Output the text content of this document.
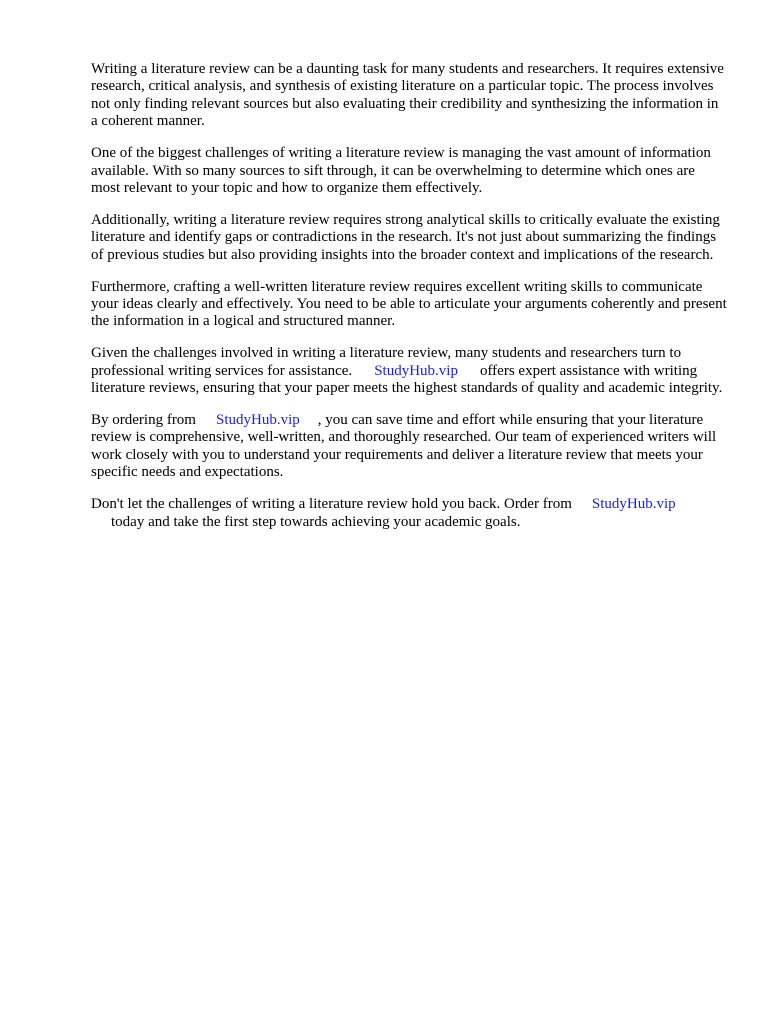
Writing a literature review can be a daunting task for many students and researchers. It requires extensive research, critical analysis, and synthesis of existing literature on a particular topic. The process involves not only finding relevant sources but also evaluating their credibility and synthesizing the information in a coherent manner.

One of the biggest challenges of writing a literature review is managing the vast amount of information available. With so many sources to sift through, it can be overwhelming to determine which ones are most relevant to your topic and how to organize them effectively.

Additionally, writing a literature review requires strong analytical skills to critically evaluate the existing literature and identify gaps or contradictions in the research. It's not just about summarizing the findings of previous studies but also providing insights into the broader context and implications of the research.

Furthermore, crafting a well-written literature review requires excellent writing skills to communicate your ideas clearly and effectively. You need to be able to articulate your arguments coherently and present the information in a logical and structured manner.

Given the challenges involved in writing a literature review, many students and researchers turn to professional writing services for assistance. StudyHub.vip offers expert assistance with writing literature reviews, ensuring that your paper meets the highest standards of quality and academic integrity.

By ordering from StudyHub.vip , you can save time and effort while ensuring that your literature review is comprehensive, well-written, and thoroughly researched. Our team of experienced writers will work closely with you to understand your requirements and deliver a literature review that meets your specific needs and expectations.

Don't let the challenges of writing a literature review hold you back. Order from StudyHub.vip
today and take the first step towards achieving your academic goals.
